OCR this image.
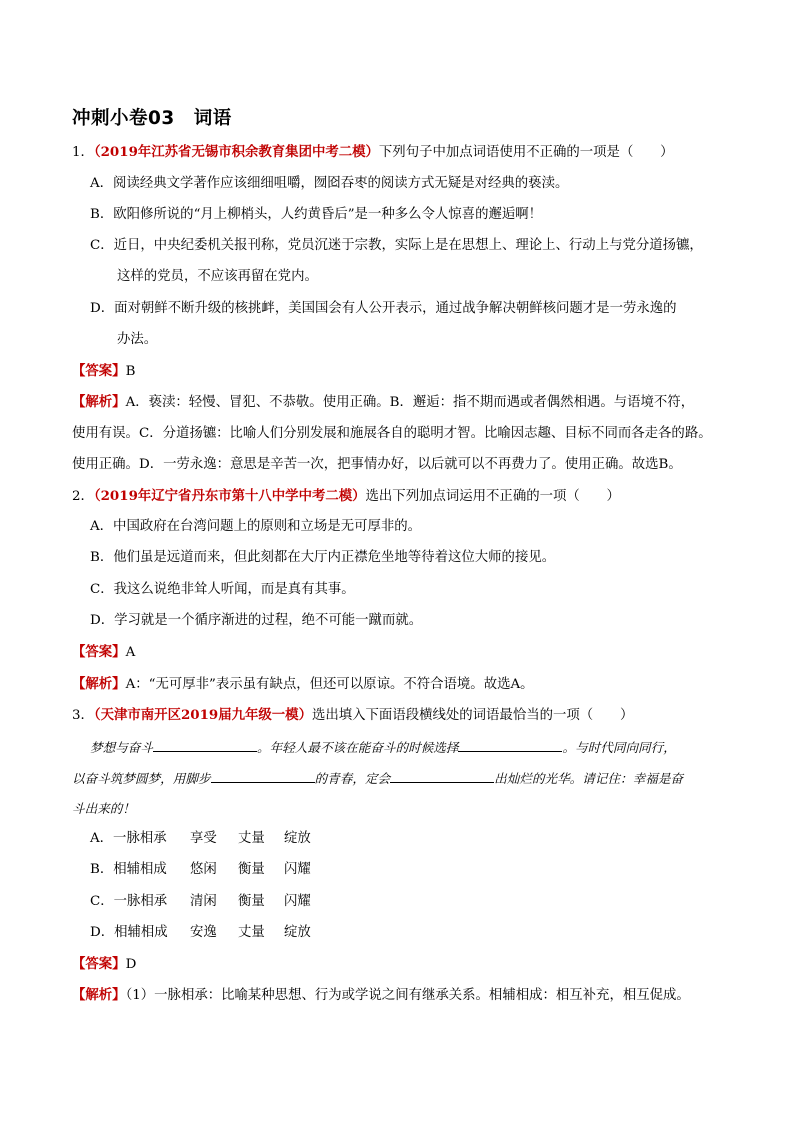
冲刺小卷03　词语
1．（2019年江苏省无锡市积余教育集团中考二模）下列句子中加点词语使用不正确的一项是（　　）
A．阅读经典文学著作应该细细咀嚼，囫囵吞枣的阅读方式无疑是对经典的亵渎。
B．欧阳修所说的“月上柳梢头，人约黄昏后”是一种多么令人惊喜的邂逅啊！
C．近日，中央纪委机关报刊称，党员沉迷于宗教，实际上是在思想上、理论上、行动上与党分道扬镳，
这样的党员，不应该再留在党内。
D．面对朝鲜不断升级的核挑衅，美国国会有人公开表示，通过战争解决朝鲜核问题才是一劳永逸的
办法。
【答案】B
【解析】A．亵渎：轻慢、冒犯、不恭敬。使用正确。B．邂逅：指不期而遇或者偶然相遇。与语境不符，
使用有误。C．分道扬镳：比喻人们分别发展和施展各自的聪明才智。比喻因志趣、目标不同而各走各的路。
使用正确。D．一劳永逸：意思是辛苦一次，把事情办好，以后就可以不再费力了。使用正确。故选B。
2．（2019年辽宁省丹东市第十八中学中考二模）选出下列加点词运用不正确的一项（　　）
A．中国政府在台湾问题上的原则和立场是无可厚非的。
B．他们虽是远道而来，但此刻都在大厅内正襟危坐地等待着这位大师的接见。
C．我这么说绝非耸人听闻，而是真有其事。
D．学习就是一个循序渐进的过程，绝不可能一蹴而就。
【答案】A
【解析】A：“无可厚非”表示虽有缺点，但还可以原谅。不符合语境。故选A。
3．（天津市南开区2019届九年级一模）选出填入下面语段横线处的词语最恰当的一项（　　）
梦想与奋斗	。年轻人最不该在能奋斗的时候选择	。与时代同向同行，
以奋斗筑梦圆梦，用脚步	的青春，定会	出灿烂的光华。请记住：幸福是奋
斗出来的！
A．一脉相承 享受 丈量 绽放
B．相辅相成 悠闲 衡量 闪耀
C．一脉相承 清闲 衡量 闪耀
D．相辅相成 安逸 丈量 绽放
【答案】D
【解析】（1）一脉相承：比喻某种思想、行为或学说之间有继承关系。相辅相成：相互补充，相互促成。
